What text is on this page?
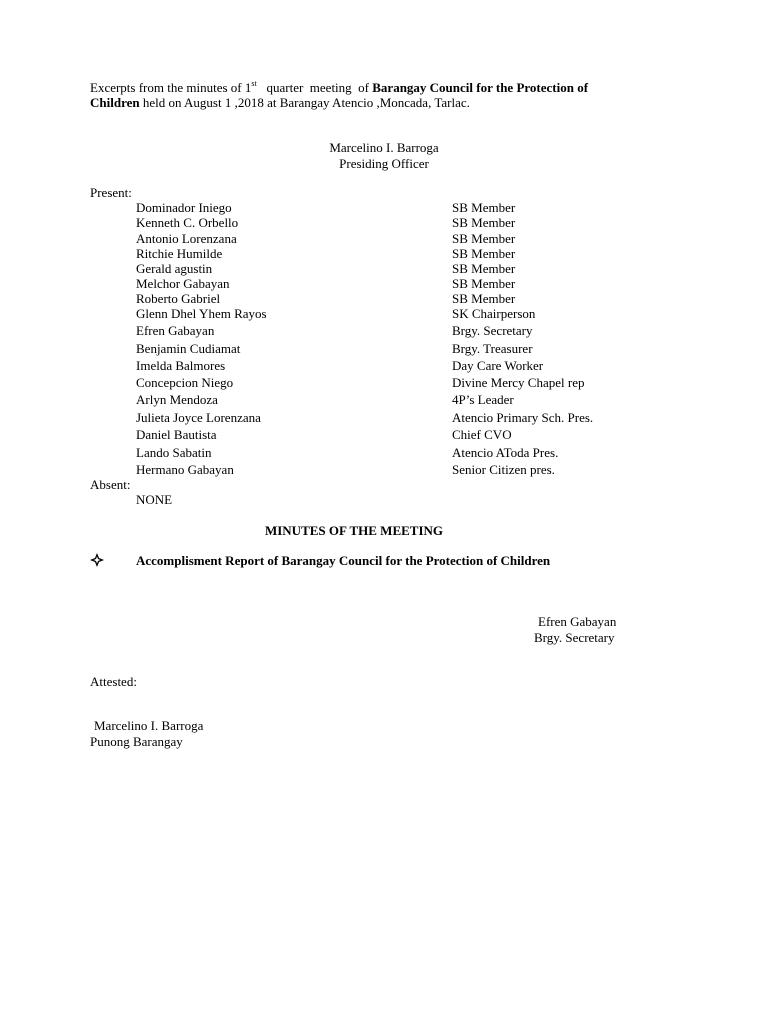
Excerpts from the minutes of 1st   quarter  meeting  of Barangay Council for the Protection of
Children held on August 1 ,2018 at Barangay Atencio ,Moncada, Tarlac.
Marcelino I. Barroga
Presiding Officer
Present:
Dominador Iniego	SB Member
Kenneth C. Orbello	SB Member
Antonio Lorenzana	SB Member
Ritchie Humilde	SB Member
Gerald agustin	SB Member
Melchor Gabayan	SB Member
Roberto Gabriel	SB Member
Glenn Dhel Yhem Rayos	SK Chairperson
Efren Gabayan	Brgy. Secretary
Benjamin Cudiamat	Brgy. Treasurer
Imelda Balmores	Day Care Worker
Concepcion Niego	Divine Mercy Chapel rep
Arlyn Mendoza	4P’s Leader
Julieta Joyce Lorenzana	Atencio Primary Sch. Pres.
Daniel Bautista	Chief CVO
Lando Sabatin	Atencio AToda Pres.
Hermano Gabayan	Senior Citizen pres.
Absent:
NONE
MINUTES OF THE MEETING
Accomplisment Report of Barangay Council for the Protection of Children
Efren Gabayan
Brgy. Secretary
Attested:
Marcelino I. Barroga
Punong Barangay
